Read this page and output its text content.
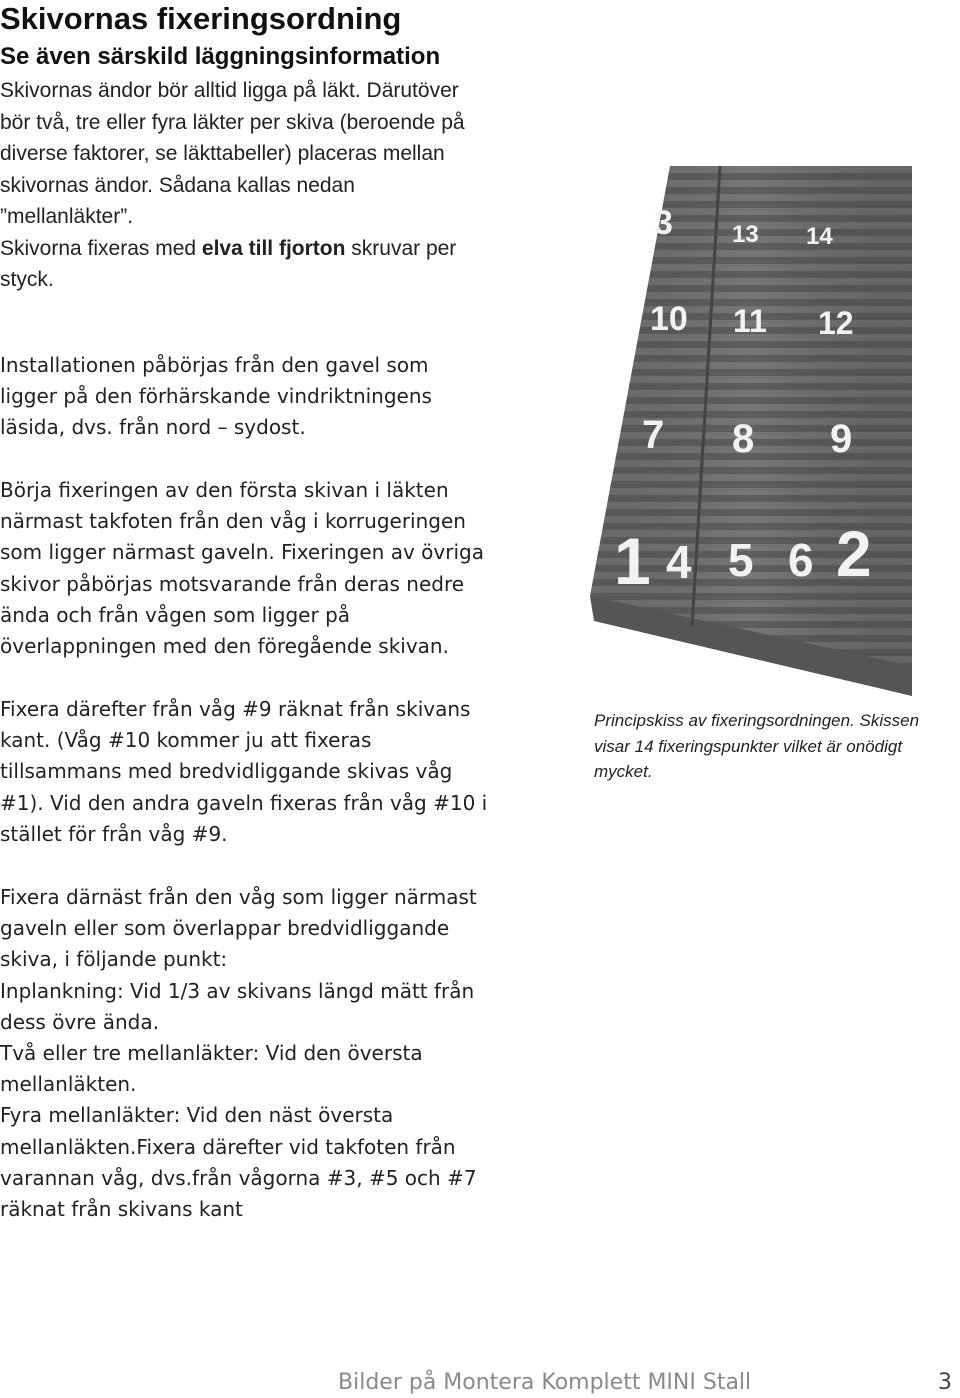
Skivornas fixeringsordning
Se även särskild läggningsinformation
Skivornas ändor bör alltid ligga på läkt. Därutöver
bör två, tre eller fyra läkter per skiva (beroende på
diverse faktorer, se läkttabeller) placeras mellan
skivornas ändor. Sådana kallas nedan
”mellanläkter”.
Skivorna fixeras med elva till fjorton skruvar per
styck.
Installationen påbörjas från den gavel som
ligger på den förhärskande vindriktningens
läsida, dvs. från nord – sydost.
Börja fixeringen av den första skivan i läkten
närmast takfoten från den våg i korrugeringen
som ligger närmast gaveln. Fixeringen av övriga
skivor påbörjas motsvarande från deras nedre
ända och från vågen som ligger på
överlappningen med den föregående skivan.
Fixera därefter från våg #9 räknat från skivans
kant. (Våg #10 kommer ju att fixeras
tillsammans med bredvidliggande skivas våg
#1). Vid den andra gaveln fixeras från våg #10 i
stället för från våg #9.
Fixera därnäst från den våg som ligger närmast
gaveln eller som överlappar bredvidliggande
skiva, i följande punkt:
Inplankning: Vid 1/3 av skivans längd mätt från
dess övre ända.
Två eller tre mellanläkter: Vid den översta
mellanläkten.
Fyra mellanläkter: Vid den näst översta
mellanläkten.Fixera därefter vid takfoten från
varannan våg, dvs.från vågorna #3, #5 och #7
räknat från skivans kant
3 13 14
10 11 12
7 8 9
1 4 5 6 2
Principskiss av fixeringsordningen. Skissen
visar 14 fixeringspunkter vilket är onödigt
mycket.
Bilder på Montera Komplett MINI Stall	3
